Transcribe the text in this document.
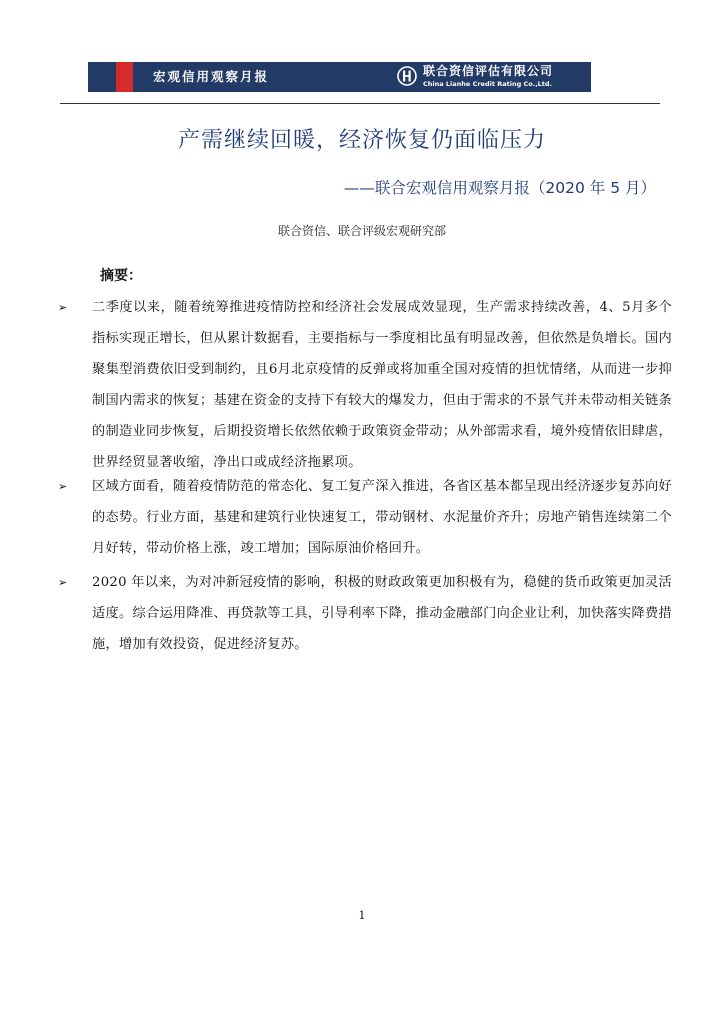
宏观信用观察月报	联合资信评估有限公司
China Lianhe Credit Rating Co.,Ltd.
产需继续回暖，经济恢复仍面临压力
——联合宏观信用观察月报（2020 年 5 月）
联合资信、联合评级宏观研究部
摘要：
➢	二季度以来，随着统筹推进疫情防控和经济社会发展成效显现，生产需求持续改善，4、5月多个指标实现正增长，但从累计数据看，主要指标与一季度相比虽有明显改善，但依然是负增长。国内聚集型消费依旧受到制约，且6月北京疫情的反弹或将加重全国对疫情的担忧情绪，从而进一步抑制国内需求的恢复；基建在资金的支持下有较大的爆发力，但由于需求的不景气并未带动相关链条的制造业同步恢复，后期投资增长依然依赖于政策资金带动；从外部需求看，境外疫情依旧肆虐，世界经贸显著收缩，净出口或成经济拖累项。
➢	区域方面看，随着疫情防范的常态化、复工复产深入推进，各省区基本都呈现出经济逐步复苏向好的态势。行业方面，基建和建筑行业快速复工，带动钢材、水泥量价齐升；房地产销售连续第二个月好转，带动价格上涨，竣工增加；国际原油价格回升。
➢	2020 年以来，为对冲新冠疫情的影响，积极的财政政策更加积极有为，稳健的货币政策更加灵活适度。综合运用降准、再贷款等工具，引导利率下降，推动金融部门向企业让利，加快落实降费措施，增加有效投资，促进经济复苏。
1
